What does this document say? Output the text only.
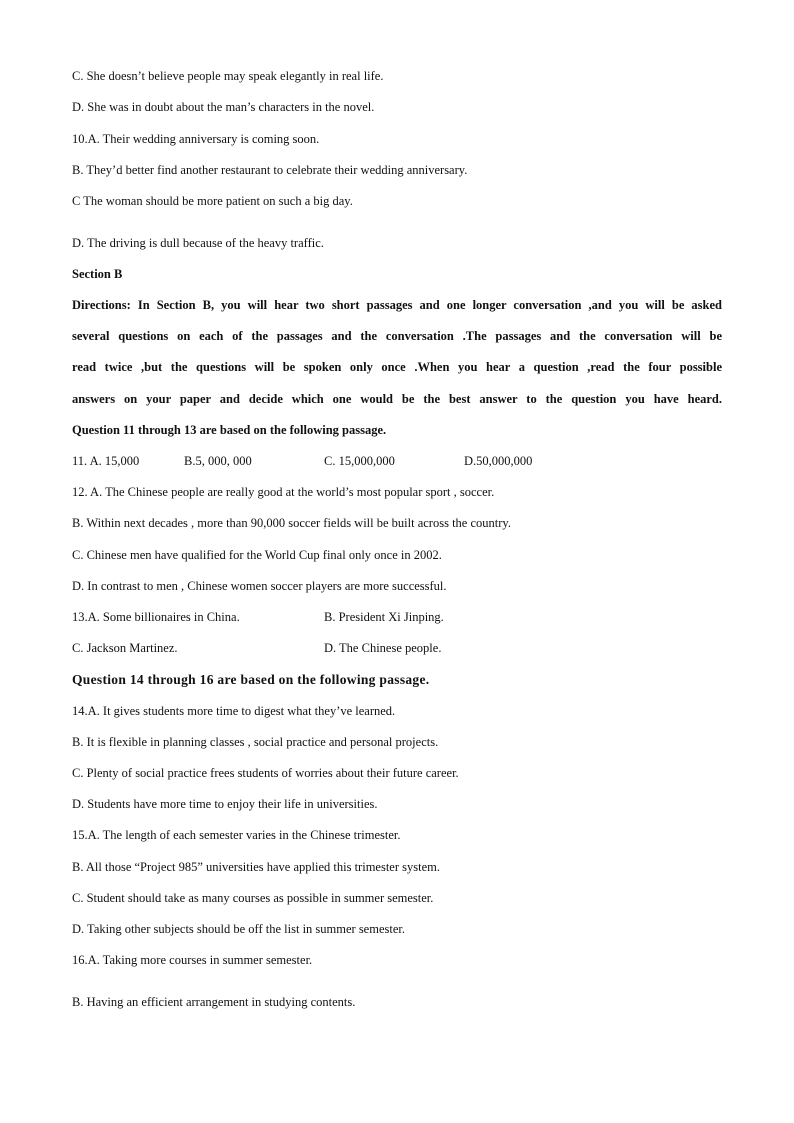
C. She doesn’t believe people may speak elegantly in real life.
D. She was in doubt about the man’s characters in the novel.
10.A. Their wedding anniversary is coming soon.
B. They’d better find another restaurant to celebrate their wedding anniversary.
C The woman should be more patient on such a big day.
D. The driving is dull because of the heavy traffic.
Section B
Directions: In Section B, you will hear two short passages and one longer conversation ,and you will be asked
several questions on each of the passages and the conversation .The passages and the conversation will be
read twice ,but the questions will be spoken only once .When you hear a question ,read the four possible
answers on your paper and decide which one would be the best answer to the question you have heard.
Question 11 through 13 are based on the following passage.
11. A. 15,000	B.5, 000, 000	C. 15,000,000	D.50,000,000
12. A. The Chinese people are really good at the world’s most popular sport , soccer.
B. Within next decades , more than 90,000 soccer fields will be built across the country.
C. Chinese men have qualified for the World Cup final only once in 2002.
D. In contrast to men , Chinese women soccer players are more successful.
13.A. Some billionaires in China.	B. President Xi Jinping.
C. Jackson Martinez.	D. The Chinese people.
Question 14 through 16 are based on the following passage.
14.A. It gives students more time to digest what they’ve learned.
B. It is flexible in planning classes , social practice and personal projects.
C. Plenty of social practice frees students of worries about their future career.
D. Students have more time to enjoy their life in universities.
15.A. The length of each semester varies in the Chinese trimester.
B. All those “Project 985” universities have applied this trimester system.
C. Student should take as many courses as possible in summer semester.
D. Taking other subjects should be off the list in summer semester.
16.A. Taking more courses in summer semester.
B. Having an efficient arrangement in studying contents.
